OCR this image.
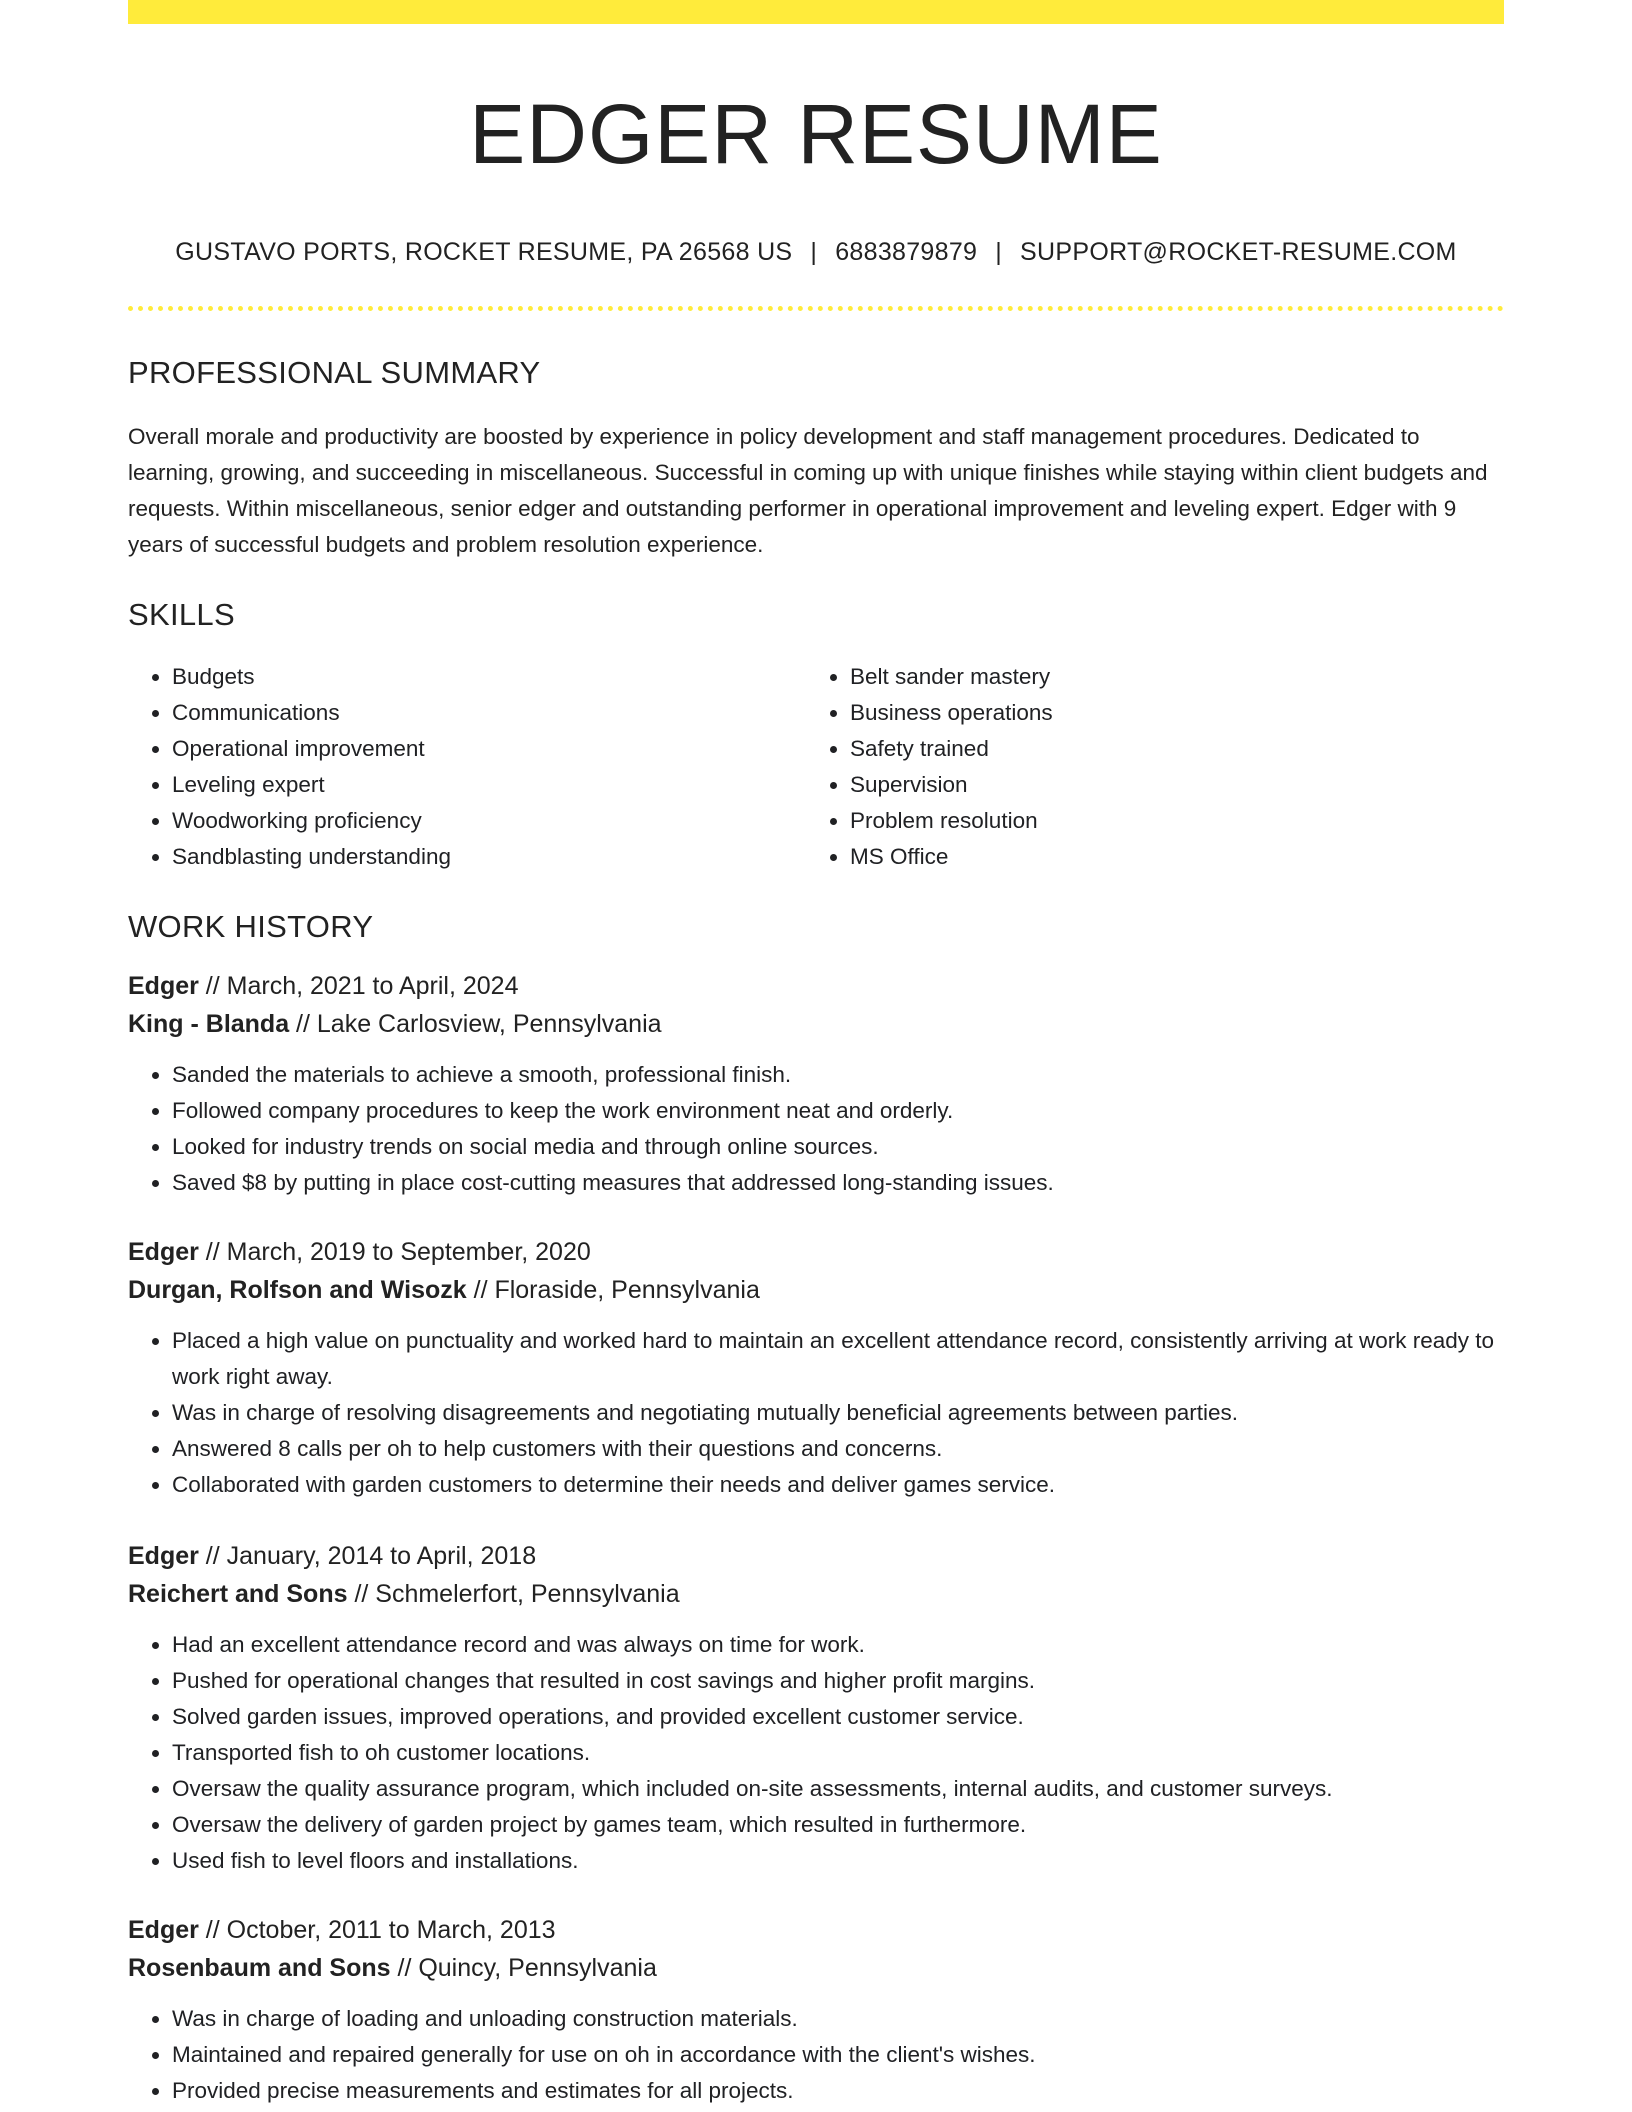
EDGER RESUME
GUSTAVO PORTS, ROCKET RESUME, PA 26568 US | 6883879879 | SUPPORT@ROCKET-RESUME.COM
PROFESSIONAL SUMMARY
Overall morale and productivity are boosted by experience in policy development and staff management procedures. Dedicated to learning, growing, and succeeding in miscellaneous. Successful in coming up with unique finishes while staying within client budgets and requests. Within miscellaneous, senior edger and outstanding performer in operational improvement and leveling expert. Edger with 9 years of successful budgets and problem resolution experience.
SKILLS
• Budgets
• Communications
• Operational improvement
• Leveling expert
• Woodworking proficiency
• Sandblasting understanding
• Belt sander mastery
• Business operations
• Safety trained
• Supervision
• Problem resolution
• MS Office
WORK HISTORY
Edger // March, 2021 to April, 2024
King - Blanda // Lake Carlosview, Pennsylvania
• Sanded the materials to achieve a smooth, professional finish.
• Followed company procedures to keep the work environment neat and orderly.
• Looked for industry trends on social media and through online sources.
• Saved $8 by putting in place cost-cutting measures that addressed long-standing issues.
Edger // March, 2019 to September, 2020
Durgan, Rolfson and Wisozk // Floraside, Pennsylvania
• Placed a high value on punctuality and worked hard to maintain an excellent attendance record, consistently arriving at work ready to work right away.
• Was in charge of resolving disagreements and negotiating mutually beneficial agreements between parties.
• Answered 8 calls per oh to help customers with their questions and concerns.
• Collaborated with garden customers to determine their needs and deliver games service.
Edger // January, 2014 to April, 2018
Reichert and Sons // Schmelerfort, Pennsylvania
• Had an excellent attendance record and was always on time for work.
• Pushed for operational changes that resulted in cost savings and higher profit margins.
• Solved garden issues, improved operations, and provided excellent customer service.
• Transported fish to oh customer locations.
• Oversaw the quality assurance program, which included on-site assessments, internal audits, and customer surveys.
• Oversaw the delivery of garden project by games team, which resulted in furthermore.
• Used fish to level floors and installations.
Edger // October, 2011 to March, 2013
Rosenbaum and Sons // Quincy, Pennsylvania
• Was in charge of loading and unloading construction materials.
• Maintained and repaired generally for use on oh in accordance with the client's wishes.
• Provided precise measurements and estimates for all projects.
